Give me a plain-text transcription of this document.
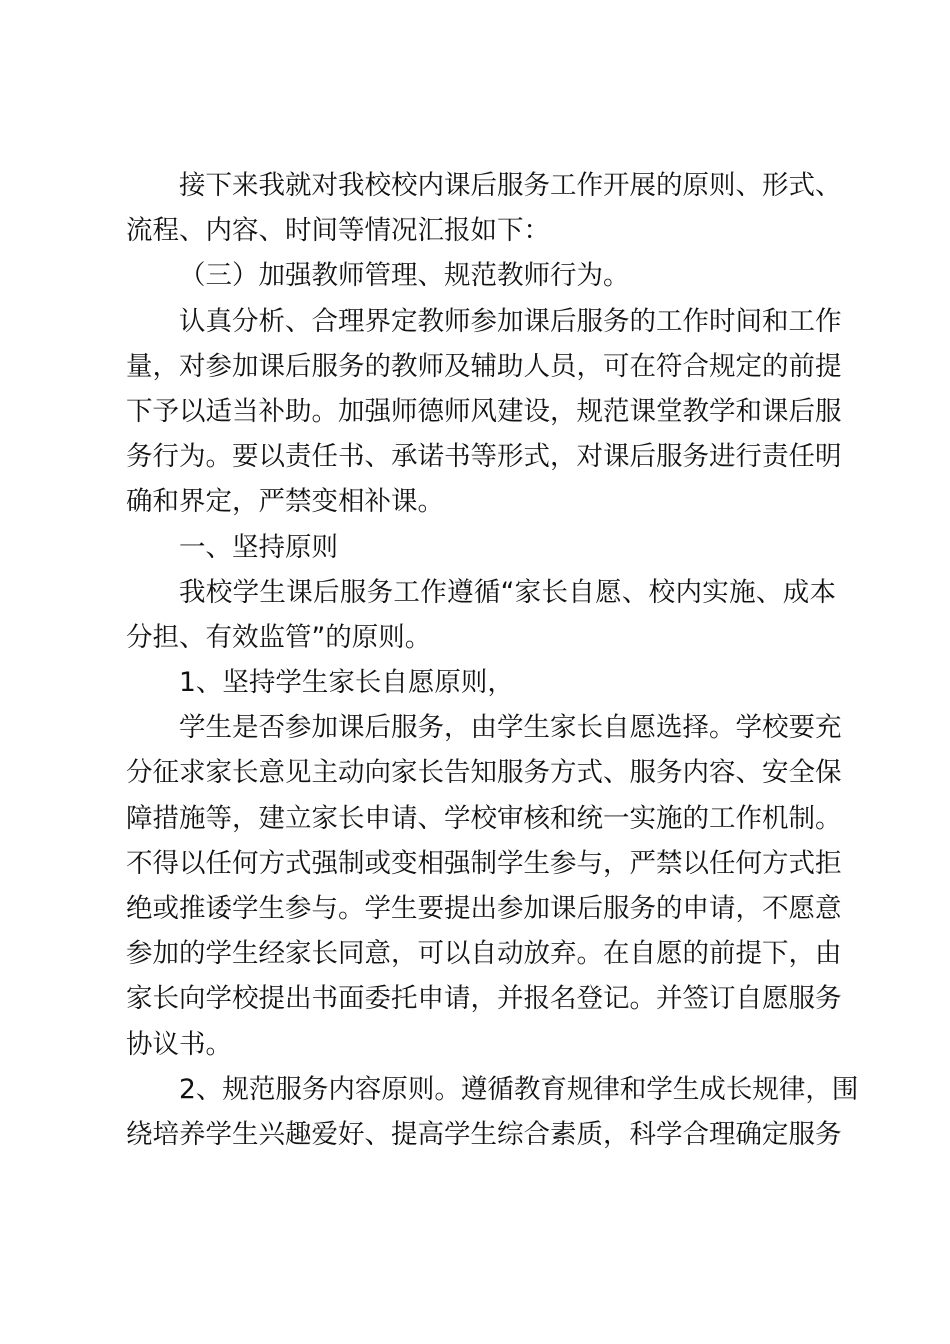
接下来我就对我校校内课后服务工作开展的原则、形式、
流程、内容、时间等情况汇报如下：
（三）加强教师管理、规范教师行为。
认真分析、合理界定教师参加课后服务的工作时间和工作
量，对参加课后服务的教师及辅助人员，可在符合规定的前提
下予以适当补助。加强师德师风建设，规范课堂教学和课后服
务行为。要以责任书、承诺书等形式，对课后服务进行责任明
确和界定，严禁变相补课。
一、坚持原则
我校学生课后服务工作遵循“家长自愿、校内实施、成本
分担、有效监管”的原则。
1、坚持学生家长自愿原则，
学生是否参加课后服务，由学生家长自愿选择。学校要充
分征求家长意见主动向家长告知服务方式、服务内容、安全保
障措施等，建立家长申请、学校审核和统一实施的工作机制。
不得以任何方式强制或变相强制学生参与，严禁以任何方式拒
绝或推诿学生参与。学生要提出参加课后服务的申请，不愿意
参加的学生经家长同意，可以自动放弃。在自愿的前提下，由
家长向学校提出书面委托申请，并报名登记。并签订自愿服务
协议书。
2、规范服务内容原则。遵循教育规律和学生成长规律，围
绕培养学生兴趣爱好、提高学生综合素质，科学合理确定服务
